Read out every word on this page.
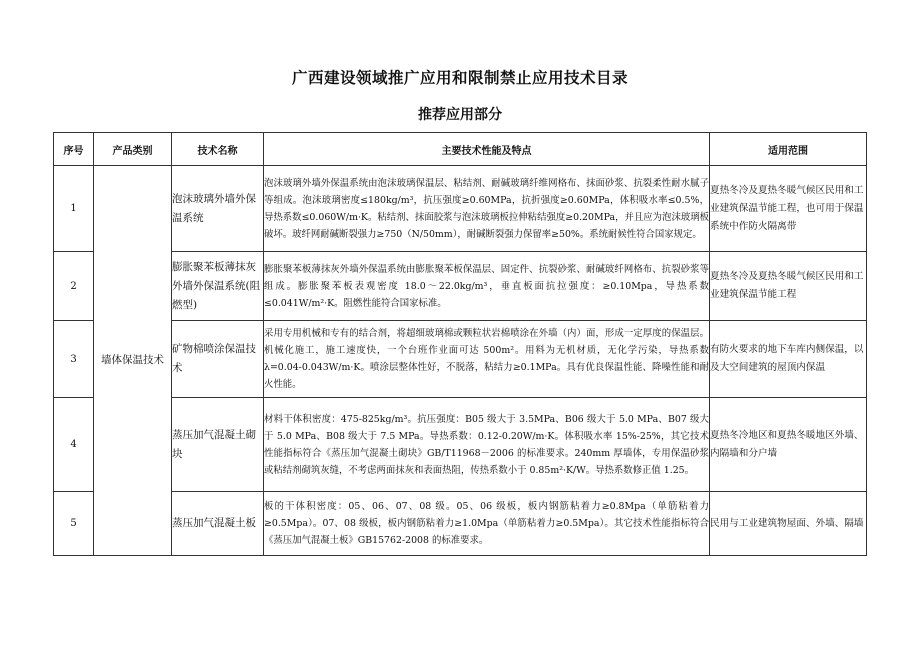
广西建设领域推广应用和限制禁止应用技术目录
推荐应用部分
序号	产品类别	技术名称	主要技术性能及特点	适用范围
1	墙体保温技术	泡沫玻璃外墙外保温系统	泡沫玻璃外墙外保温系统由泡沫玻璃保温层、粘结剂、耐碱玻璃纤维网格布、抹面砂浆、抗裂柔性耐水腻子等组成。泡沫玻璃密度≤180kg/m³，抗压强度≥0.60MPa，抗折强度≥0.60MPa，体积吸水率≤0.5%，导热系数≤0.060W/m·K。粘结剂、抹面胶浆与泡沫玻璃板拉伸粘结强度≥0.20MPa，并且应为泡沫玻璃板破坏。玻纤网耐碱断裂强力≥750（N/50mm），耐碱断裂强力保留率≥50%。系统耐候性符合国家规定。	夏热冬冷及夏热冬暖气候区民用和工业建筑保温节能工程，也可用于保温系统中作防火隔离带
2		膨胀聚苯板薄抹灰外墙外保温系统(阻燃型)	膨胀聚苯板薄抹灰外墙外保温系统由膨胀聚苯板保温层、固定件、抗裂砂浆、耐碱玻纤网格布、抗裂砂浆等组成。膨胀聚苯板表观密度 18.0～22.0kg/m³，垂直板面抗拉强度：≥0.10Mpa，导热系数 ≤0.041W/m²·K。阻燃性能符合国家标准。	夏热冬冷及夏热冬暖气候区民用和工业建筑保温节能工程
3		矿物棉喷涂保温技术	采用专用机械和专有的结合剂，将超细玻璃棉或颗粒状岩棉喷涂在外墙（内）面，形成一定厚度的保温层。机械化施工，施工速度快，一个台班作业面可达 500m²。用料为无机材质，无化学污染，导热系数λ=0.04-0.043W/m·K。喷涂层整体性好，不脱落，粘结力≥0.1MPa。具有优良保温性能、降噪性能和耐火性能。	有防火要求的地下车库内侧保温，以及大空间建筑的屋顶内保温
4		蒸压加气混凝土砌块	材料干体积密度：475-825kg/m³。抗压强度：B05 级大于 3.5MPa、B06 级大于 5.0 MPa、B07 级大于 5.0 MPa、B08 级大于 7.5 MPa。导热系数：0.12-0.20W/m·K。体积吸水率 15%-25%，其它技术性能指标符合《蒸压加气混凝土砌块》GB/T11968－2006 的标准要求。240mm 厚墙体，专用保温砂浆或粘结剂砌筑灰缝，不考虑两面抹灰和表面热阻，传热系数小于 0.85m²·K/W。导热系数修正值 1.25。	夏热冬冷地区和夏热冬暖地区外墙、内隔墙和分户墙
5		蒸压加气混凝土板	板的干体积密度：05、06、07、08 级。05、06 级板，板内钢筋粘着力≥0.8Mpa（单筋粘着力≥0.5Mpa）。07、08 级板，板内钢筋粘着力≥1.0Mpa（单筋粘着力≥0.5Mpa）。其它技术性能指标符合《蒸压加气混凝土板》GB15762-2008 的标准要求。	民用与工业建筑物屋面、外墙、隔墙
